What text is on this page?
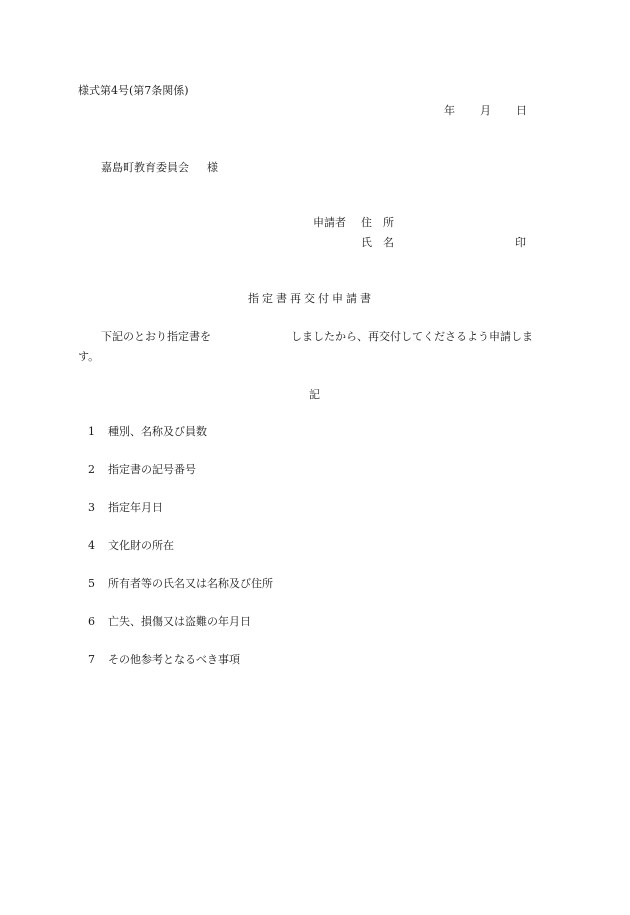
様式第4号(第7条関係)
年 月 日
嘉島町教育委員会 様
申請者 住　所
氏　名	印
指定書再交付申請書
下記のとおり指定書を	しましたから、再交付してくださるよう申請しま
す。
記
1 種別、名称及び員数
2 指定書の記号番号
3 指定年月日
4 文化財の所在
5 所有者等の氏名又は名称及び住所
6 亡失、損傷又は盗難の年月日
7 その他参考となるべき事項
